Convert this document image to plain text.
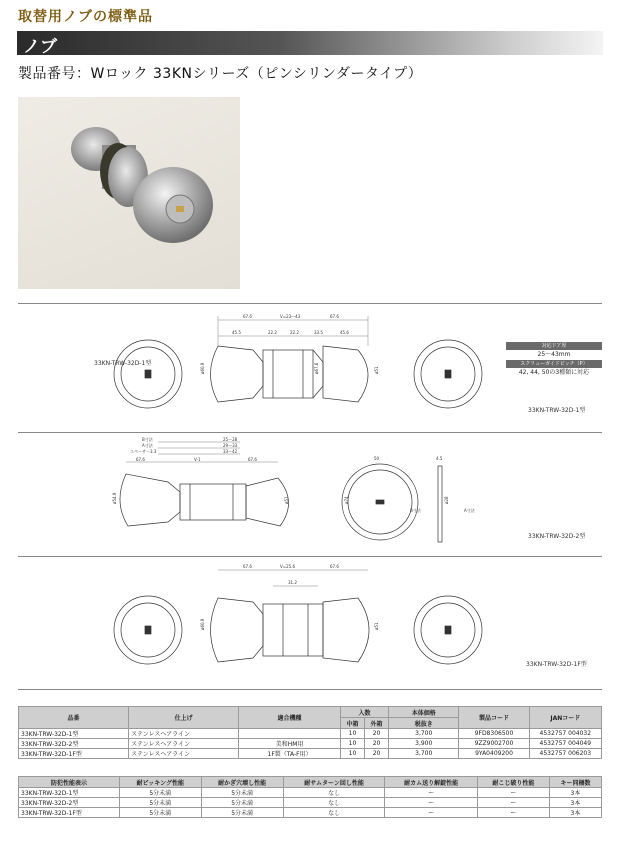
取替用ノブの標準品
ノブ
製品番号：Wロック 33KNシリーズ（ピンシリンダータイプ）
33KN-TRW-32D-1型
67.6	V=23～43	67.6
45.5	22.2	22.2	33.5	45.6
ø60.9	ø67.6	ø51
対応ドア厚
25～43mm
スクリューガイドピッチ（P）
42, 44, 50の3種類に対応
33KN-TRW-32D-1型
B寸法
A寸法
スペーサー3.3
67.6	V-1	67.6
25～28
29～33
33～42
ø54.9	ø51	ø74
50	4.5
ø28
B寸法	A寸法
33KN-TRW-32D-2型
67.6	V=25.6	67.6
31.2
ø60.9	ø51
33KN-TRW-32D-1F型
品番	仕上げ	適合機種	入数		本体価格	製品コード	JANコード
			中箱	外箱	税抜き		
33KN-TRW-32D-1型	ステンレスヘアライン		10	20	3,700	9FD8306500	4532757 004032
33KN-TRW-32D-2型	ステンレスヘアライン	美和HM用	10	20	3,900	9ZZ9002700	4532757 004049
33KN-TRW-32D-1F型	ステンレスヘアライン	1F製（TA-F用）	10	20	3,700	9YA0409200	4532757 006203
防犯性能表示	耐ピッキング性能	耐かぎ穴壊し性能	耐サムターン回し性能	耐カム送り解錠性能	耐こじ破り性能	キー同梱数
33KN-TRW-32D-1型	5分未満	5分未満	なし	ー	ー	3本
33KN-TRW-32D-2型	5分未満	5分未満	なし	ー	ー	3本
33KN-TRW-32D-1F型	5分未満	5分未満	なし	ー	ー	3本
